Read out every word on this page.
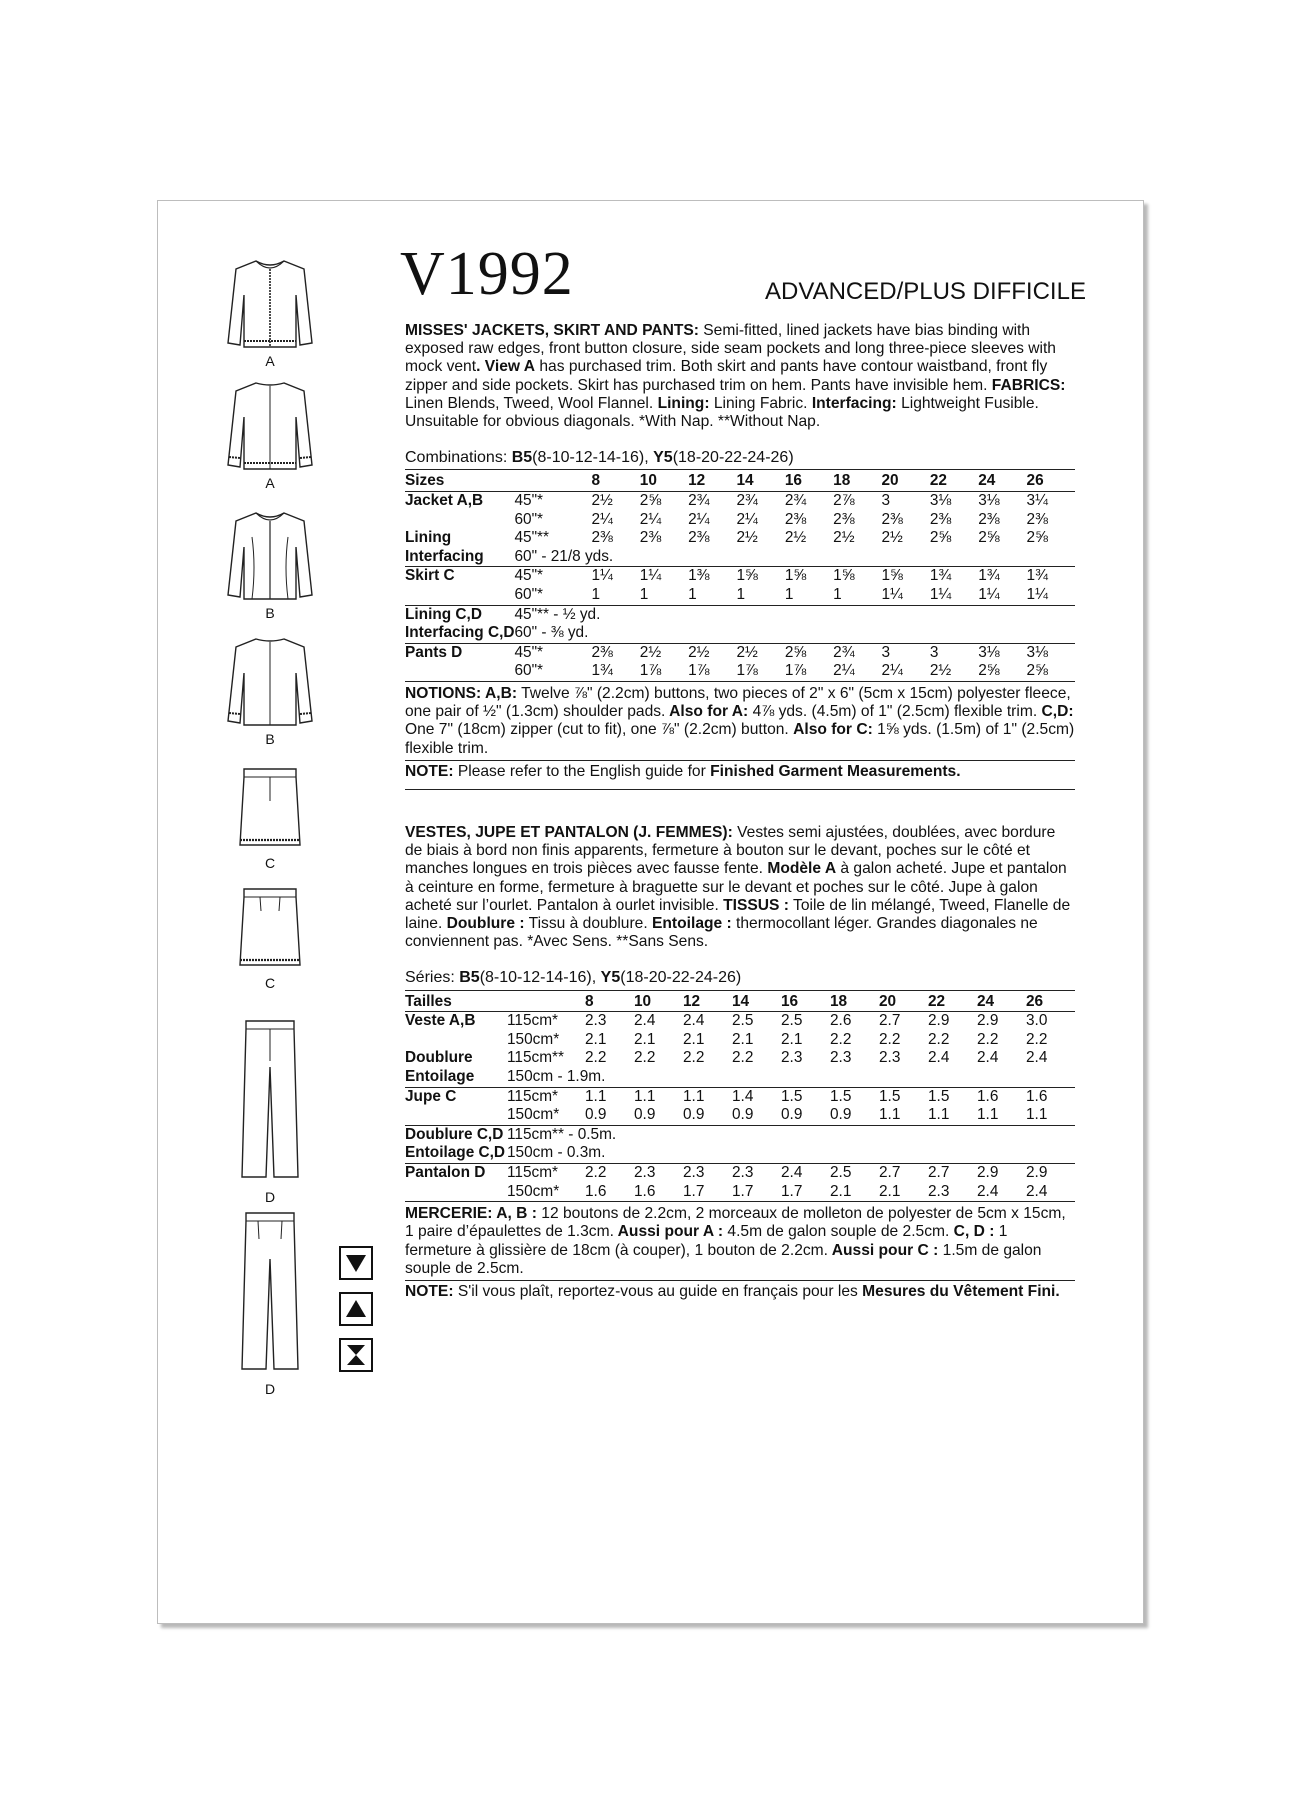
A
A
B
B
C
C
D
D
V1992	ADVANCED/PLUS DIFFICILE

MISSES' JACKETS, SKIRT AND PANTS: Semi-fitted, lined jackets have bias binding with exposed raw edges, front button closure, side seam pockets and long three-piece sleeves with mock vent. View A has purchased trim. Both skirt and pants have contour waistband, front fly zipper and side pockets. Skirt has purchased trim on hem. Pants have invisible hem. FABRICS: Linen Blends, Tweed, Wool Flannel. Lining: Lining Fabric. Interfacing: Lightweight Fusible. Unsuitable for obvious diagonals. *With Nap. **Without Nap.

Combinations: B5(8-10-12-14-16), Y5(18-20-22-24-26)
Sizes		8	10	12	14	16	18	20	22	24	26
Jacket A,B	45"*	2½	2⅝	2¾	2¾	2¾	2⅞	3	3⅛	3⅛	3¼
	60"*	2¼	2¼	2¼	2¼	2⅜	2⅜	2⅜	2⅜	2⅜	2⅜
Lining	45"**	2⅜	2⅜	2⅜	2½	2½	2½	2½	2⅝	2⅝	2⅝
Interfacing	60" - 21/8 yds.										
Skirt C	45"*	1¼	1¼	1⅜	1⅝	1⅝	1⅝	1⅝	1¾	1¾	1¾
	60"*	1	1	1	1	1	1	1¼	1¼	1¼	1¼
Lining C,D	45"** - ½ yd.										
Interfacing C,D	60" - ⅜ yd.										
Pants D	45"*	2⅜	2½	2½	2½	2⅝	2¾	3	3	3⅛	3⅛
	60"*	1¾	1⅞	1⅞	1⅞	1⅞	2¼	2¼	2½	2⅝	2⅝

NOTIONS: A,B: Twelve ⅞" (2.2cm) buttons, two pieces of 2" x 6" (5cm x 15cm) polyester fleece, one pair of ½" (1.3cm) shoulder pads. Also for A: 4⅞ yds. (4.5m) of 1" (2.5cm) flexible trim. C,D: One 7" (18cm) zipper (cut to fit), one ⅞" (2.2cm) button. Also for C: 1⅝ yds. (1.5m) of 1" (2.5cm) flexible trim.

NOTE: Please refer to the English guide for Finished Garment Measurements.

VESTES, JUPE ET PANTALON (J. FEMMES): Vestes semi ajustées, doublées, avec bordure de biais à bord non finis apparents, fermeture à bouton sur le devant, poches sur le côté et manches longues en trois pièces avec fausse fente. Modèle A à galon acheté. Jupe et pantalon à ceinture en forme, fermeture à braguette sur le devant et poches sur le côté. Jupe à galon acheté sur l’ourlet. Pantalon à ourlet invisible. TISSUS : Toile de lin mélangé, Tweed, Flanelle de laine. Doublure : Tissu à doublure. Entoilage : thermocollant léger. Grandes diagonales ne conviennent pas. *Avec Sens. **Sans Sens.

Séries: B5(8-10-12-14-16), Y5(18-20-22-24-26)
Tailles		8	10	12	14	16	18	20	22	24	26
Veste A,B	115cm*	2.3	2.4	2.4	2.5	2.5	2.6	2.7	2.9	2.9	3.0
	150cm*	2.1	2.1	2.1	2.1	2.1	2.2	2.2	2.2	2.2	2.2
Doublure	115cm**	2.2	2.2	2.2	2.2	2.3	2.3	2.3	2.4	2.4	2.4
Entoilage	150cm - 1.9m.										
Jupe C	115cm*	1.1	1.1	1.1	1.4	1.5	1.5	1.5	1.5	1.6	1.6
	150cm*	0.9	0.9	0.9	0.9	0.9	0.9	1.1	1.1	1.1	1.1
Doublure C,D	115cm** - 0.5m.										
Entoilage C,D	150cm - 0.3m.										
Pantalon D	115cm*	2.2	2.3	2.3	2.3	2.4	2.5	2.7	2.7	2.9	2.9
	150cm*	1.6	1.6	1.7	1.7	1.7	2.1	2.1	2.3	2.4	2.4

MERCERIE: A, B : 12 boutons de 2.2cm, 2 morceaux de molleton de polyester de 5cm x 15cm, 1 paire d’épaulettes de 1.3cm. Aussi pour A : 4.5m de galon souple de 2.5cm. C, D : 1 fermeture à glissière de 18cm (à couper), 1 bouton de 2.2cm. Aussi pour C : 1.5m de galon souple de 2.5cm.

NOTE: S'il vous plaît, reportez-vous au guide en français pour les Mesures du Vêtement Fini.
